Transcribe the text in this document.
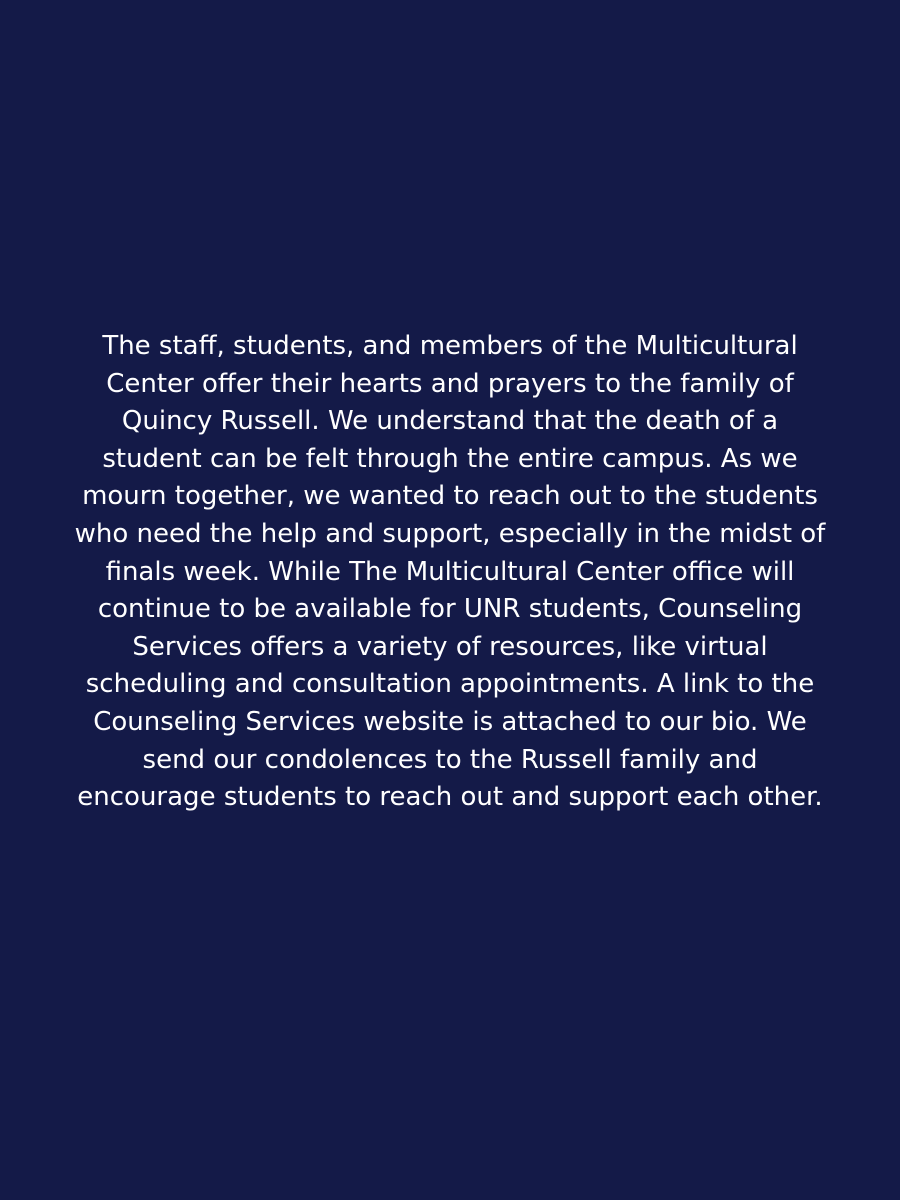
The staff, students, and members of the Multicultural
Center offer their hearts and prayers to the family of
Quincy Russell. We understand that the death of a
student can be felt through the entire campus. As we
mourn together, we wanted to reach out to the students
who need the help and support, especially in the midst of
finals week. While The Multicultural Center office will
continue to be available for UNR students, Counseling
Services offers a variety of resources, like virtual
scheduling and consultation appointments. A link to the
Counseling Services website is attached to our bio. We
send our condolences to the Russell family and
encourage students to reach out and support each other.
